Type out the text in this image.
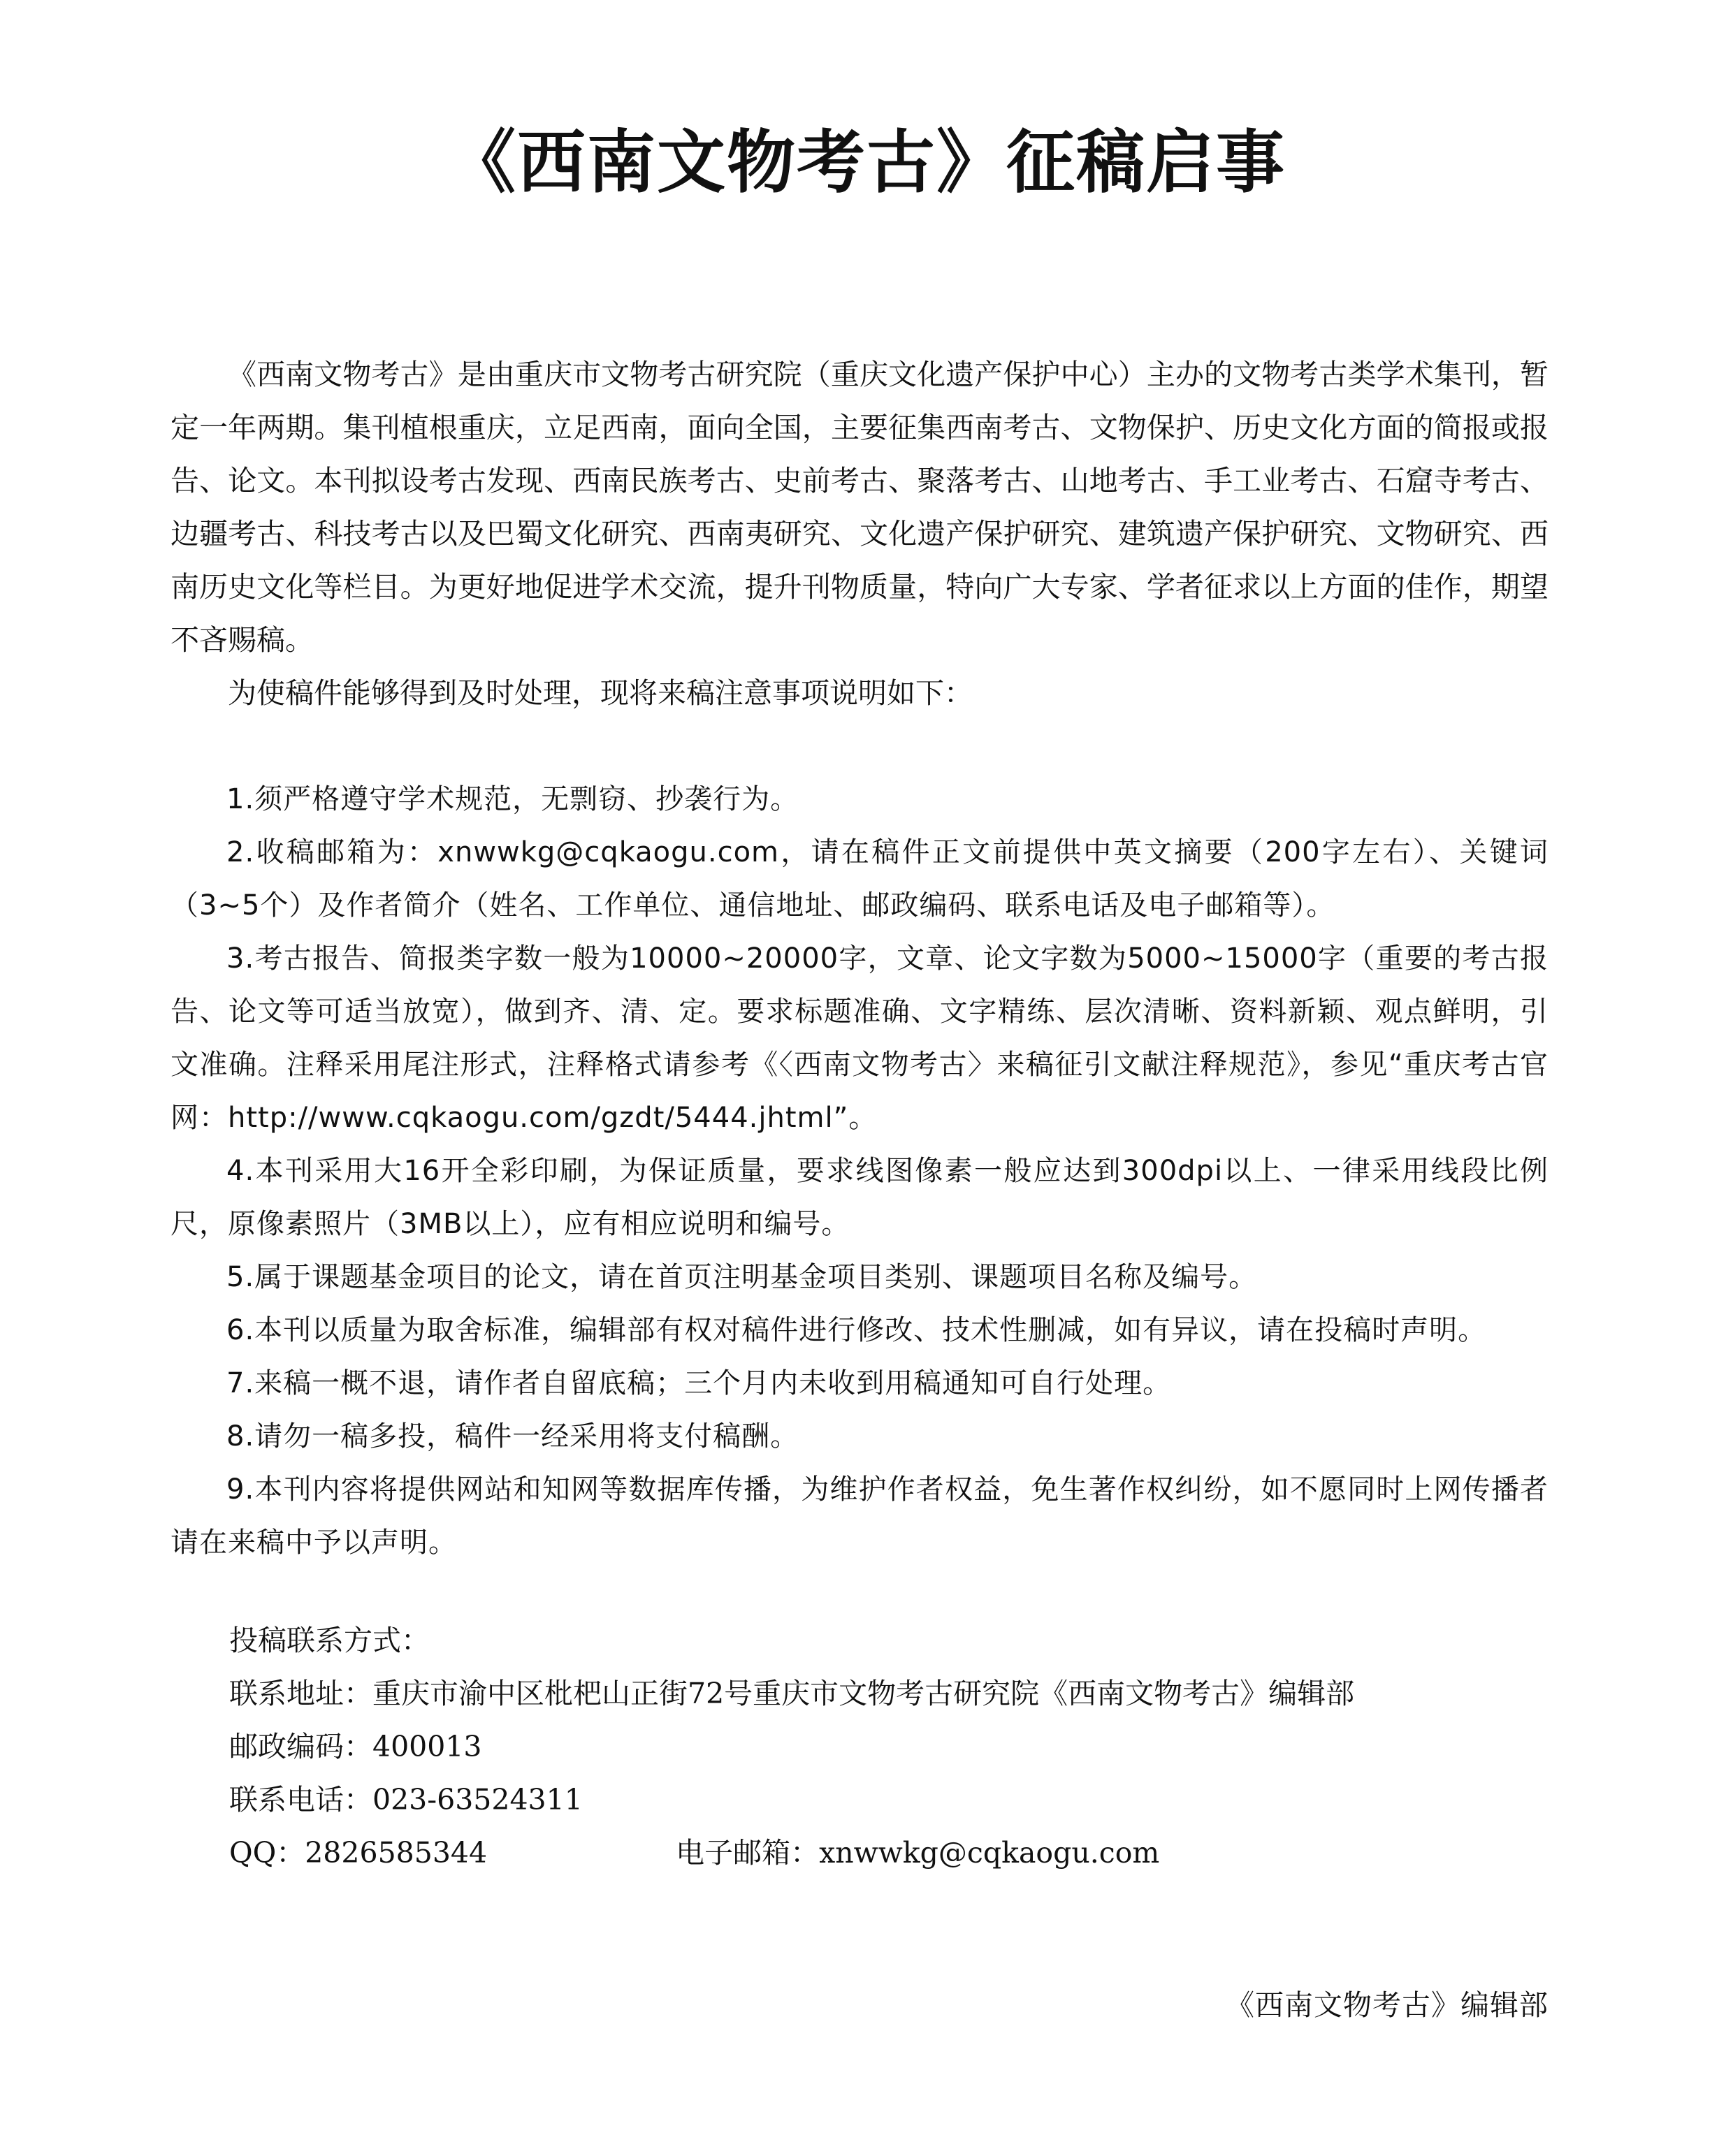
《西南文物考古》征稿启事

《西南文物考古》是由重庆市文物考古研究院（重庆文化遗产保护中心）主办的文物考古类学术集刊，暂定一年两期。集刊植根重庆，立足西南，面向全国，主要征集西南考古、文物保护、历史文化方面的简报或报告、论文。本刊拟设考古发现、西南民族考古、史前考古、聚落考古、山地考古、手工业考古、石窟寺考古、边疆考古、科技考古以及巴蜀文化研究、西南夷研究、文化遗产保护研究、建筑遗产保护研究、文物研究、西南历史文化等栏目。为更好地促进学术交流，提升刊物质量，特向广大专家、学者征求以上方面的佳作，期望不吝赐稿。

为使稿件能够得到及时处理，现将来稿注意事项说明如下：

1.须严格遵守学术规范，无剽窃、抄袭行为。

2.收稿邮箱为：xnwwkg@cqkaogu.com，请在稿件正文前提供中英文摘要（200字左右）、关键词（3~5个）及作者简介（姓名、工作单位、通信地址、邮政编码、联系电话及电子邮箱等）。

3.考古报告、简报类字数一般为10000~20000字，文章、论文字数为5000~15000字（重要的考古报告、论文等可适当放宽），做到齐、清、定。要求标题准确、文字精练、层次清晰、资料新颖、观点鲜明，引文准确。注释采用尾注形式，注释格式请参考《〈西南文物考古〉来稿征引文献注释规范》，参见“重庆考古官网：http://www.cqkaogu.com/gzdt/5444.jhtml”。

4.本刊采用大16开全彩印刷，为保证质量，要求线图像素一般应达到300dpi以上、一律采用线段比例尺，原像素照片（3MB以上），应有相应说明和编号。

5.属于课题基金项目的论文，请在首页注明基金项目类别、课题项目名称及编号。

6.本刊以质量为取舍标准，编辑部有权对稿件进行修改、技术性删减，如有异议，请在投稿时声明。

7.来稿一概不退，请作者自留底稿；三个月内未收到用稿通知可自行处理。

8.请勿一稿多投，稿件一经采用将支付稿酬。

9.本刊内容将提供网站和知网等数据库传播，为维护作者权益，免生著作权纠纷，如不愿同时上网传播者请在来稿中予以声明。

投稿联系方式：
联系地址：重庆市渝中区枇杷山正街72号重庆市文物考古研究院《西南文物考古》编辑部
邮政编码：400013
联系电话：023-63524311
QQ：2826585344	电子邮箱：xnwwkg@cqkaogu.com
《西南文物考古》编辑部
